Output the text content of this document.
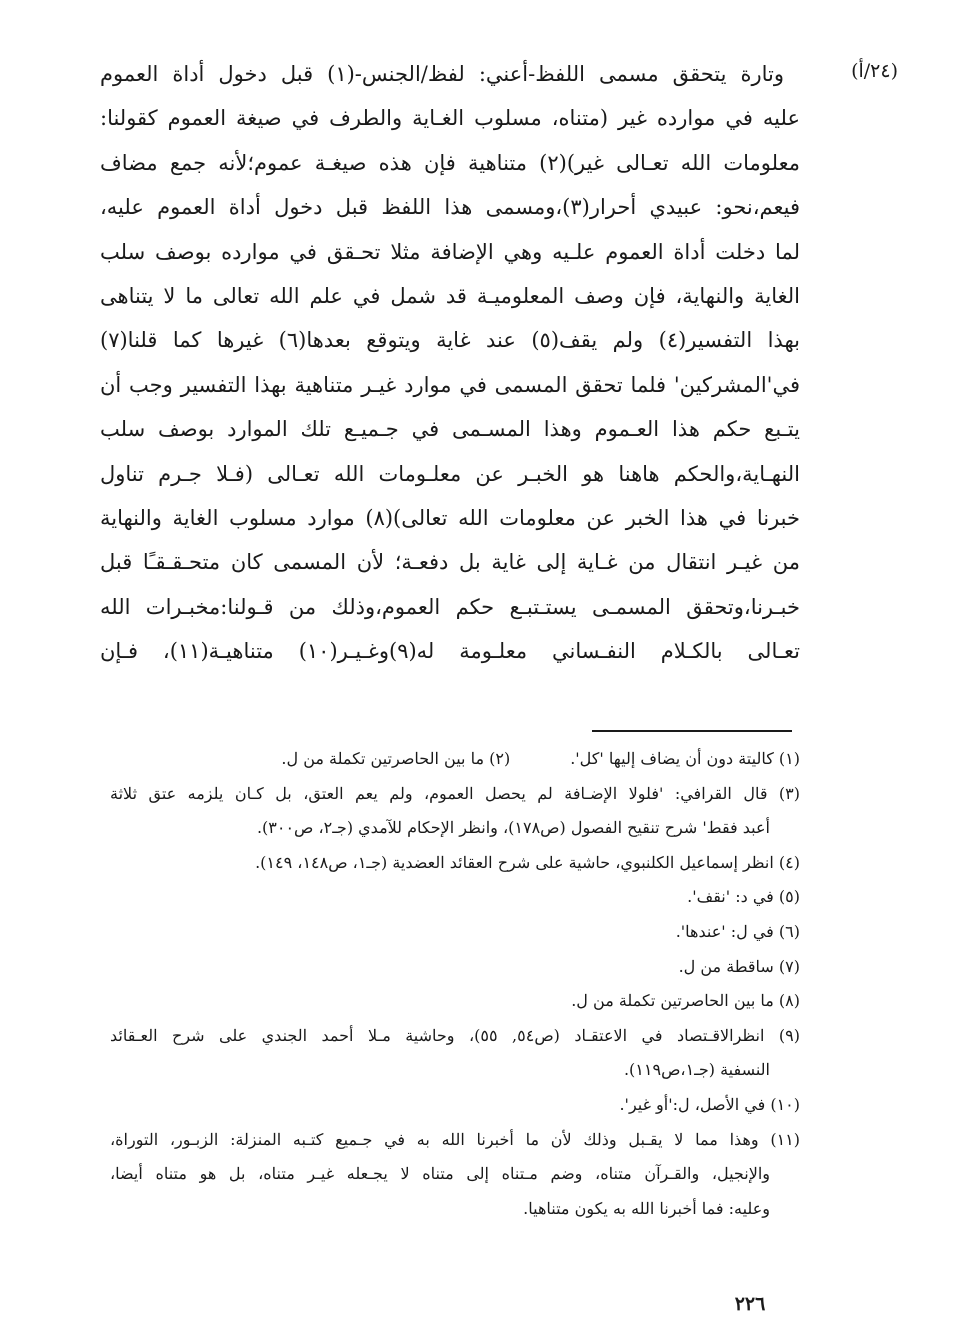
(٢٤/أ)
وتارة يتحقق مسمى اللفظ-أعني: لفظ/الجنس-(١) قبل دخول أداة العموم
عليه في موارده غير (متناه، مسلوب الغـاية والطرف في صيغة العموم كقولنا:
معلومات الله تعـالى غير)(٢) متناهية فإن هذه صيغـة عموم؛لأنه جمع مضاف
فيعم،نحو: عبيدي أحرار(٣)،ومسمى هذا اللفظ قبل دخول أداة العموم عليه،
لما دخلت أداة العموم علـيه وهي الإضافة مثلا تحـقق في موارده بوصف سلب
الغاية والنهاية، فإن وصف المعلوميـة قد شمل في علم الله تعالى ما لا يتناهى
بهذا التفسير(٤) ولم يقف(٥) عند غاية ويتوقع بعدها(٦) غيرها كما قلنا(٧)
في'المشركين' فلما تحقق المسمى في موارد غيـر متناهية بهذا التفسير وجب أن
يتـبع حكم هذا العـموم وهذا المسـمى في جـميـع تلك الموارد بوصف سلب
النهـاية،والحكم هاهنا هو الخبـر عن معلـومات الله تعـالى (فـلا جـرم تناول
خبرنا في هذا الخبر عن معلومات الله تعالى)(٨) موارد مسلوب الغاية والنهاية
من غيـر انتقال من غـاية إلى غاية بل دفعـة؛ لأن المسمى كان متحـقـقـًا قبل
خبـرنا،وتحقق المسمـى يستـتبـع حكم العموم،وذلك من قـولنا:مخبـرات الله
تعـالى بالكـلام النفـساني معلـومة له(٩)وغـيـر(١٠) متناهيـة(١١)، فـإن
(١) كاليتة دون أن يضاف إليها 'كل'.
(٢) ما بين الحاصرتين تكملة من ل.
(٣) قال القرافي: 'فلولا الإضـافة لم يحصل العموم، ولم يعم العتق، بل كـان يلزمه عتق ثلاثة
أعبد فقط' شرح تنقيح الفصول (ص١٧٨)، وانظر الإحكام للآمدي (جـ٢، ص٣٠٠).
(٤) انظر إسماعيل الكلنبوي، حاشية على شرح العقائد العضدية (جـ١، ص١٤٨، ١٤٩).
(٥) في د: 'نقف'.
(٦) في ل: 'عندها'.
(٧) ساقطة من ل.
(٨) ما بين الحاصرتين تكملة من ل.
(٩) انظرالاقـتصاد في الاعتقـاد (ص٥٤, ٥٥)، وحاشية مـلا أحمد الجندي على شرح العـقائد
النسفية (جـ١،ص١١٩).
(١٠) في الأصل، ل:'أو غير'.
(١١) وهذا مما لا يقـبل وذلك لأن ما أخبرنا الله به في جـميع كتـبه المنزلة: الزبـور، التوراة،
والإنجيل، والقـرآن متناه، وضم مـتناه إلى متناه لا يجـعله غيـر متناه، بل هو متناه أيضا،
وعليه: فما أخبرنا الله به يكون متناهيا.
٢٢٦
